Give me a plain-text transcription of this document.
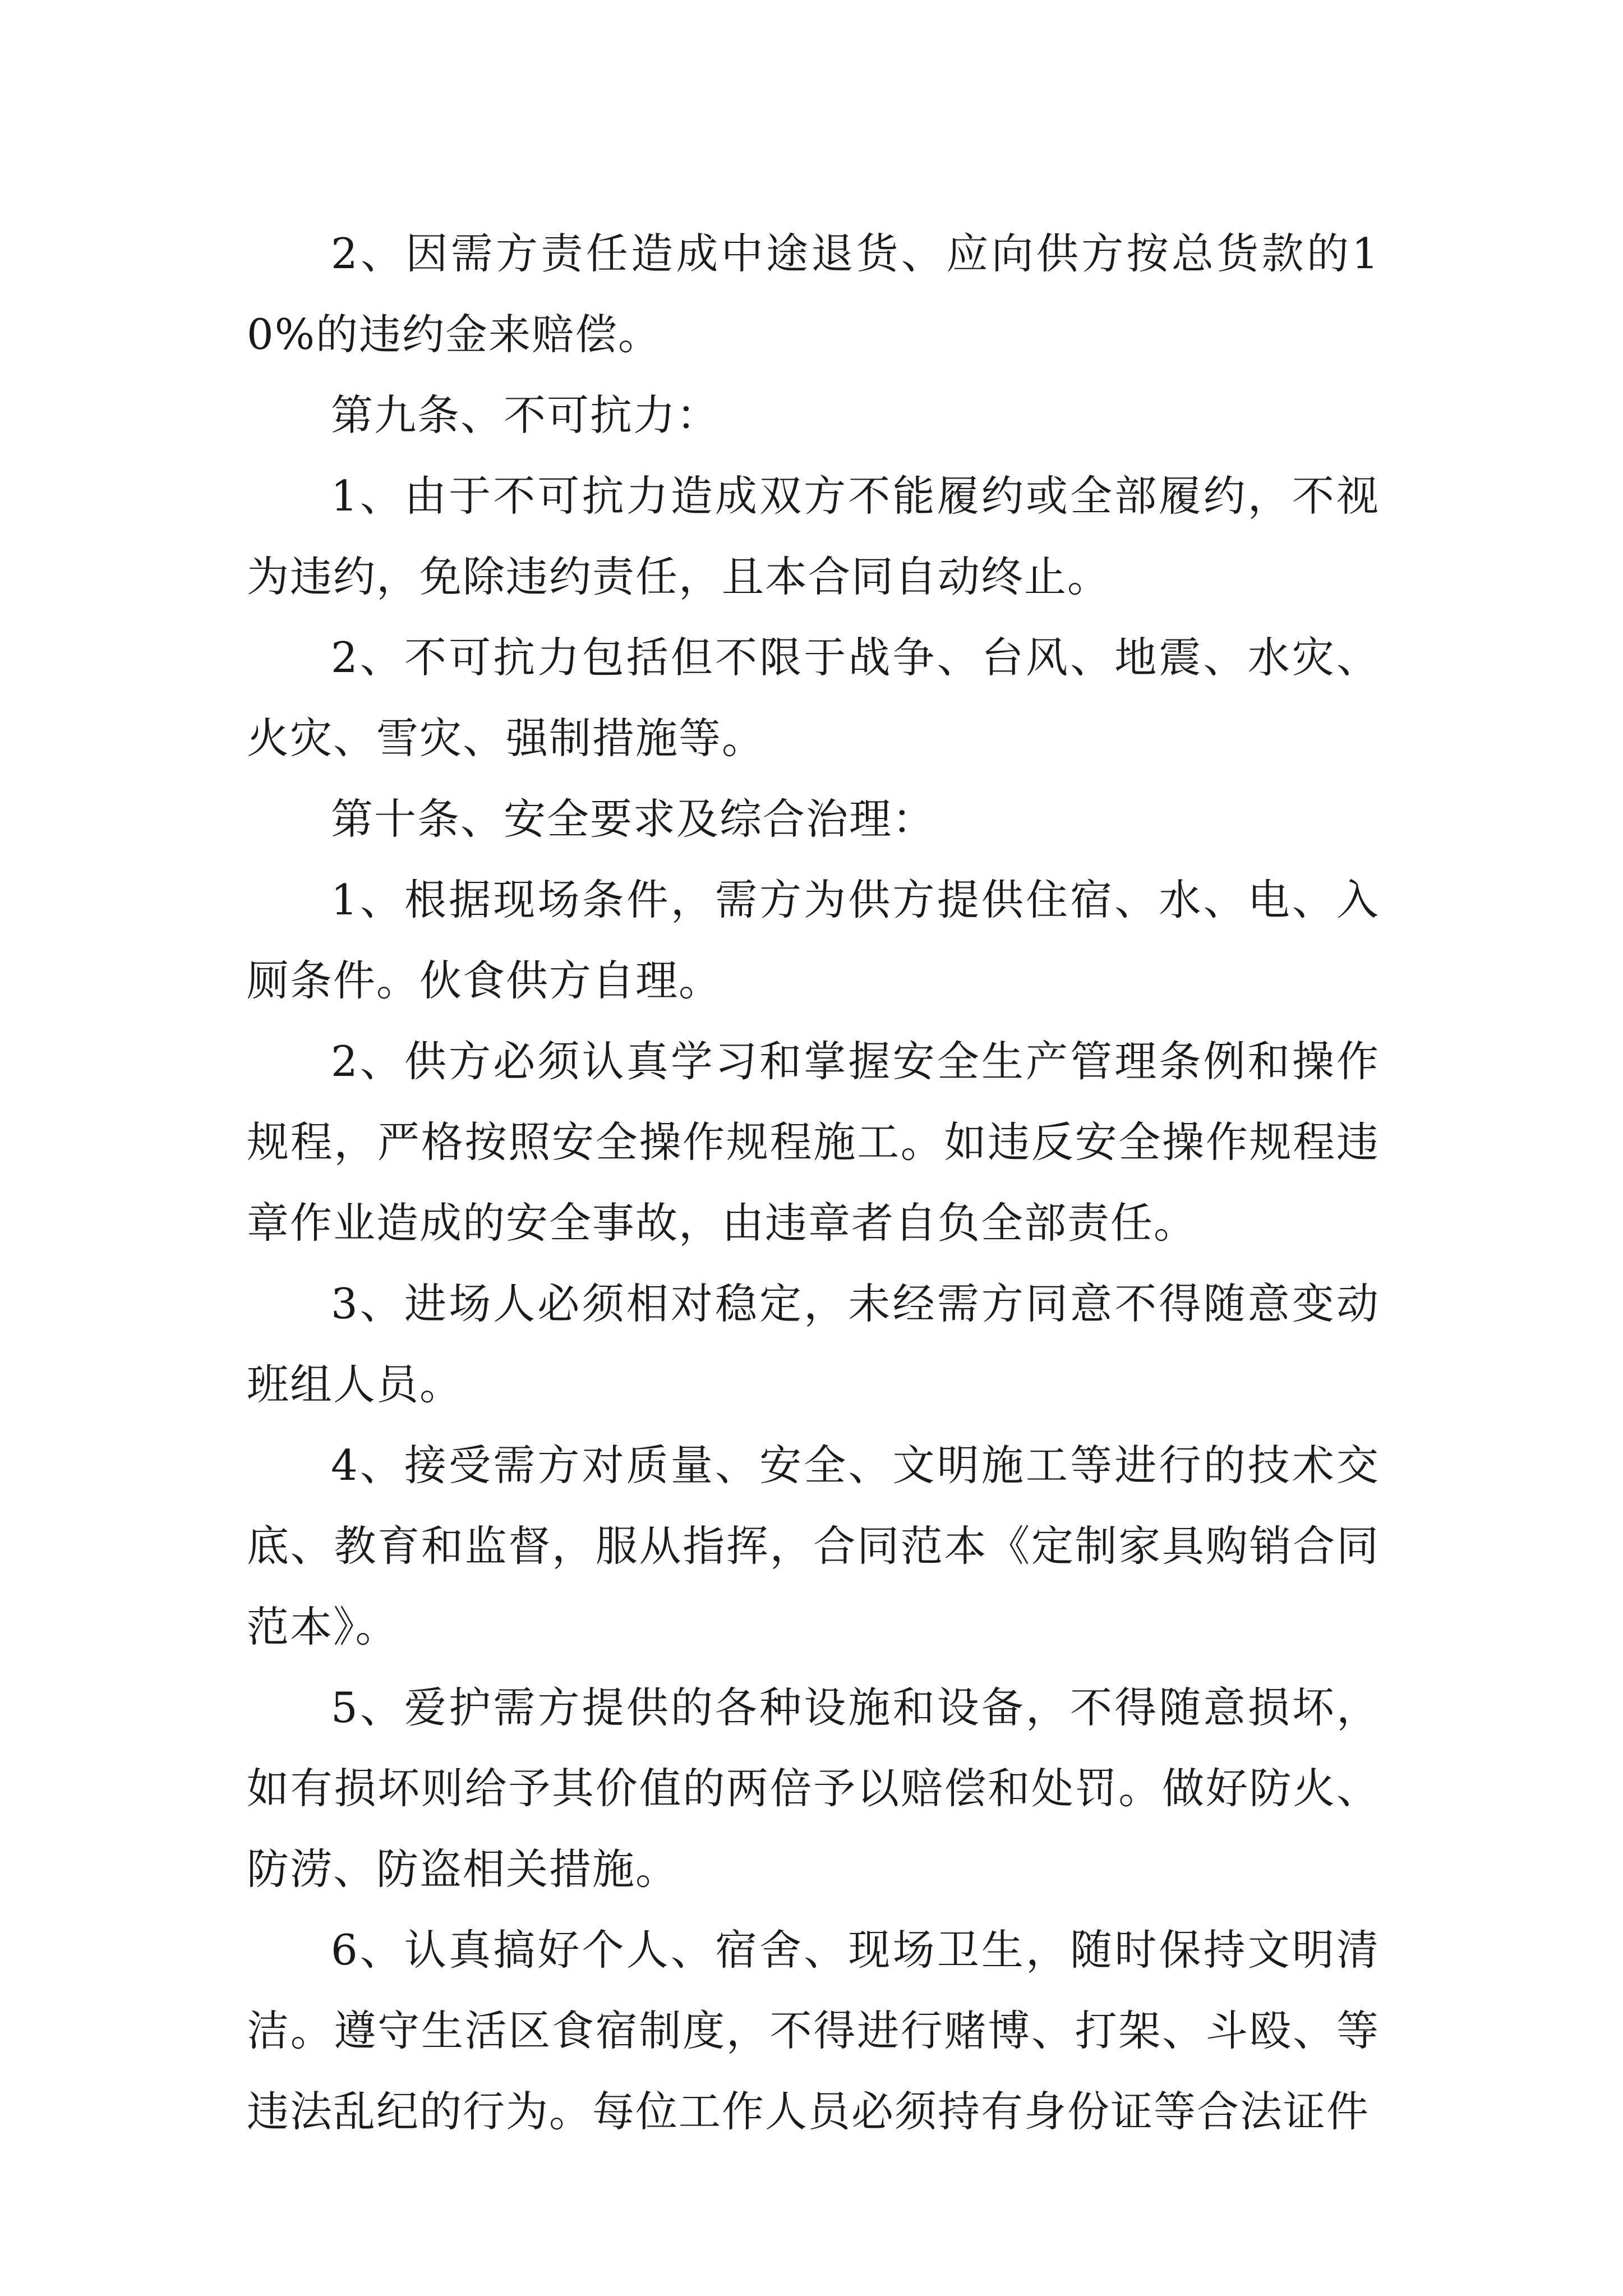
2、因需方责任造成中途退货、应向供方按总货款的10%的违约金来赔偿。

第九条、不可抗力：

1、由于不可抗力造成双方不能履约或全部履约，不视为违约，免除违约责任，且本合同自动终止。

2、不可抗力包括但不限于战争、台风、地震、水灾、火灾、雪灾、强制措施等。

第十条、安全要求及综合治理：

1、根据现场条件，需方为供方提供住宿、水、电、入厕条件。伙食供方自理。

2、供方必须认真学习和掌握安全生产管理条例和操作规程，严格按照安全操作规程施工。如违反安全操作规程违章作业造成的安全事故，由违章者自负全部责任。

3、进场人必须相对稳定，未经需方同意不得随意变动班组人员。

4、接受需方对质量、安全、文明施工等进行的技术交底、教育和监督，服从指挥，合同范本《定制家具购销合同范本》。

5、爱护需方提供的各种设施和设备，不得随意损坏，如有损坏则给予其价值的两倍予以赔偿和处罚。做好防火、防涝、防盗相关措施。

6、认真搞好个人、宿舍、现场卫生，随时保持文明清洁。遵守生活区食宿制度，不得进行赌博、打架、斗殴、等违法乱纪的行为。每位工作人员必须持有身份证等合法证件
